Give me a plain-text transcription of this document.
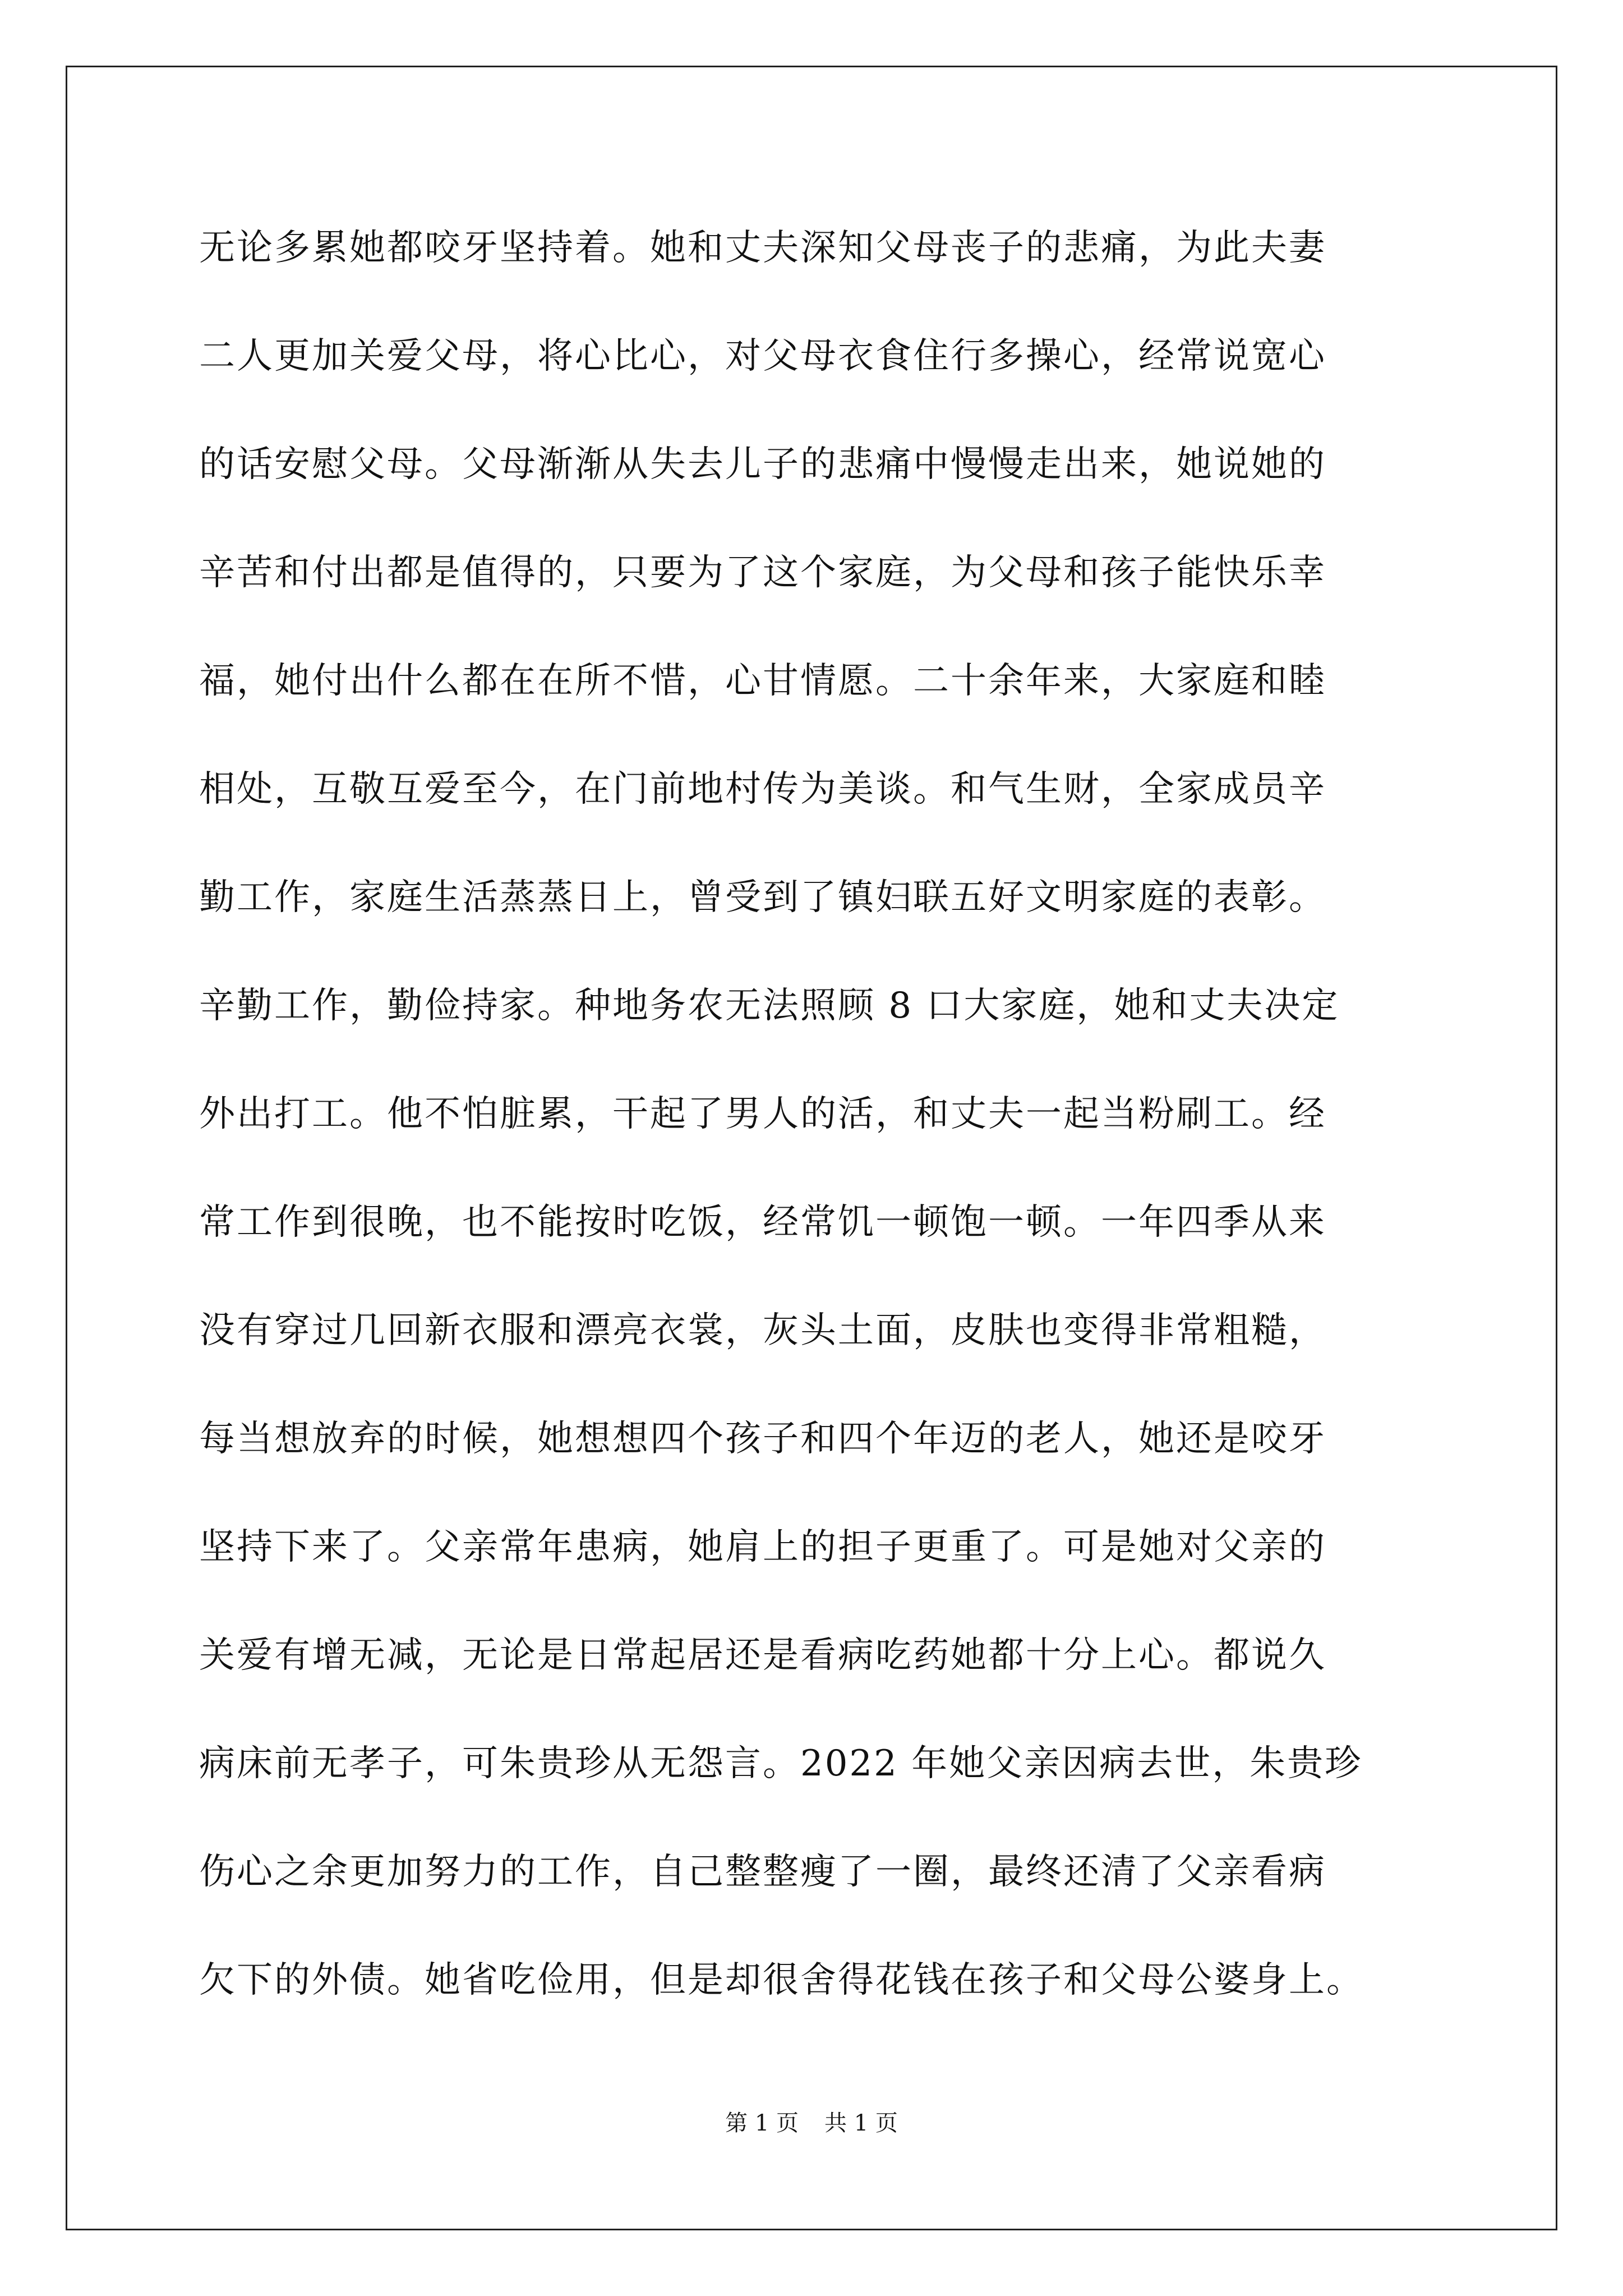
无论多累她都咬牙坚持着。她和丈夫深知父母丧子的悲痛，为此夫妻
二人更加关爱父母，将心比心，对父母衣食住行多操心，经常说宽心
的话安慰父母。父母渐渐从失去儿子的悲痛中慢慢走出来，她说她的
辛苦和付出都是值得的，只要为了这个家庭，为父母和孩子能快乐幸
福，她付出什么都在在所不惜，心甘情愿。二十余年来，大家庭和睦
相处，互敬互爱至今，在门前地村传为美谈。和气生财，全家成员辛
勤工作，家庭生活蒸蒸日上，曾受到了镇妇联五好文明家庭的表彰。
辛勤工作，勤俭持家。种地务农无法照顾 8 口大家庭，她和丈夫决定
外出打工。他不怕脏累，干起了男人的活，和丈夫一起当粉刷工。经
常工作到很晚，也不能按时吃饭，经常饥一顿饱一顿。一年四季从来
没有穿过几回新衣服和漂亮衣裳，灰头土面，皮肤也变得非常粗糙，
每当想放弃的时候，她想想四个孩子和四个年迈的老人，她还是咬牙
坚持下来了。父亲常年患病，她肩上的担子更重了。可是她对父亲的
关爱有增无减，无论是日常起居还是看病吃药她都十分上心。都说久
病床前无孝子，可朱贵珍从无怨言。2022 年她父亲因病去世，朱贵珍
伤心之余更加努力的工作，自己整整瘦了一圈，最终还清了父亲看病
欠下的外债。她省吃俭用，但是却很舍得花钱在孩子和父母公婆身上。
第 1 页 共 1 页
